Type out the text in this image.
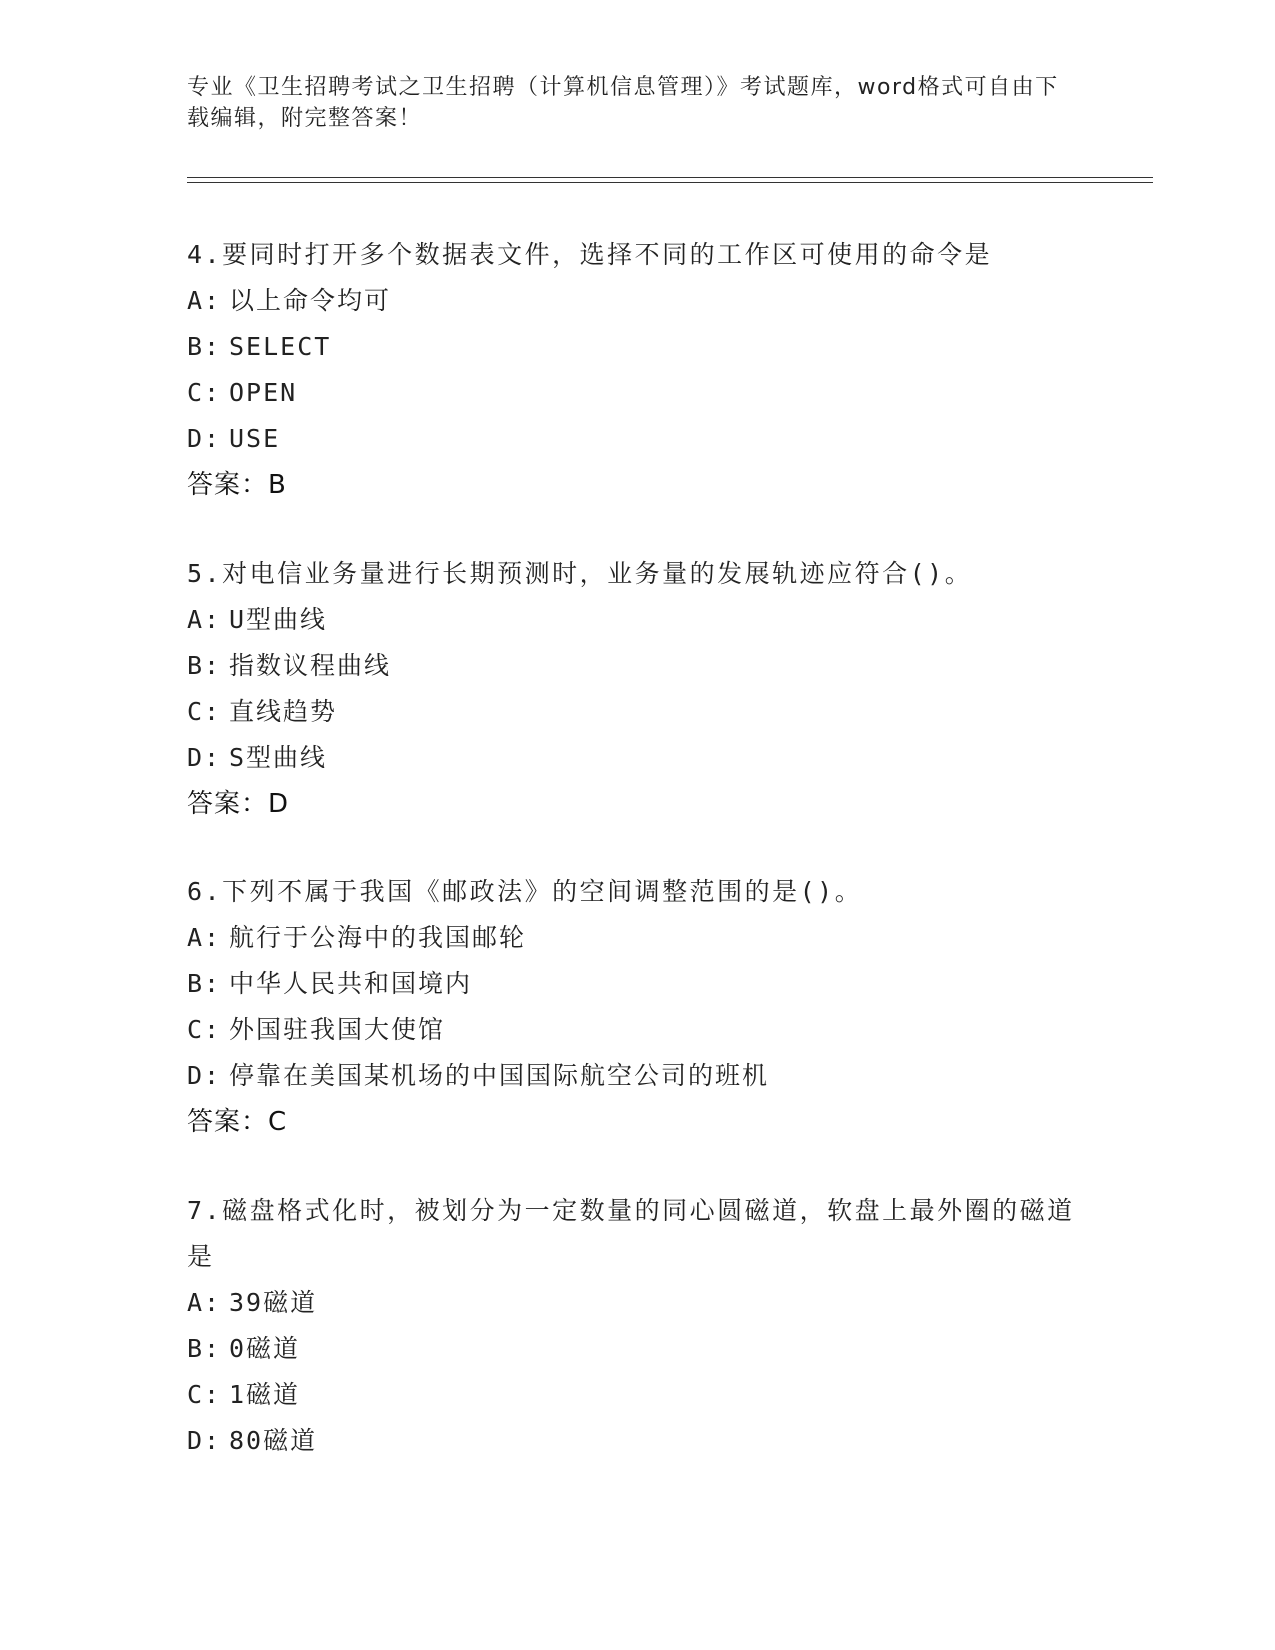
专业《卫生招聘考试之卫生招聘（计算机信息管理）》考试题库，word格式可自由下载编辑，附完整答案！

4.要同时打开多个数据表文件，选择不同的工作区可使用的命令是

A: 以上命令均可

B: SELECT

C: OPEN

D: USE

答案：B

5.对电信业务量进行长期预测时，业务量的发展轨迹应符合()。

A: U型曲线

B: 指数议程曲线

C: 直线趋势

D: S型曲线

答案：D

6.下列不属于我国《邮政法》的空间调整范围的是()。

A: 航行于公海中的我国邮轮

B: 中华人民共和国境内

C: 外国驻我国大使馆

D: 停靠在美国某机场的中国国际航空公司的班机

答案：C

7.磁盘格式化时，被划分为一定数量的同心圆磁道，软盘上最外圈的磁道是

A: 39磁道

B: 0磁道

C: 1磁道

D: 80磁道
